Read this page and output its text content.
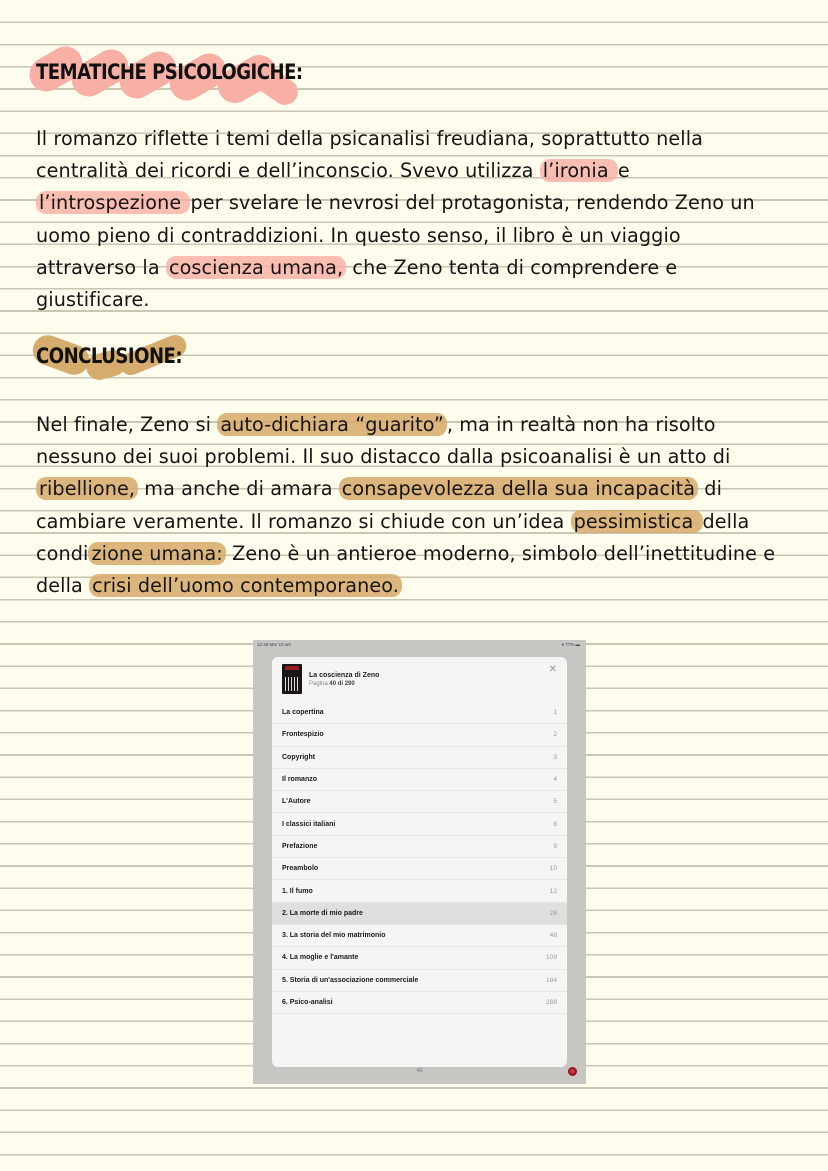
TEMATICHE PSICOLOGICHE:
Il romanzo riflette i temi della psicanalisi freudiana, soprattutto nella
centralità dei ricordi e dell’inconscio. Svevo utilizza l’ironia e
l’introspezione per svelare le nevrosi del protagonista, rendendo Zeno un
uomo pieno di contraddizioni. In questo senso, il libro è un viaggio
attraverso la coscienza umana, che Zeno tenta di comprendere e
giustificare.
CONCLUSIONE:
Nel finale, Zeno si auto-dichiara “guarito” , ma in realtà non ha risolto
nessuno dei suoi problemi. Il suo distacco dalla psicoanalisi è un atto di
ribellione, ma anche di amara consapevolezza della sua incapacità di
cambiare veramente. Il romanzo si chiude con un’idea pessimistica della
condi zione umana: Zeno è un antieroe moderno, simbolo dell’inettitudine e
della crisi dell’uomo contemporaneo.
12:49 Mar 10 set	▾ 77% ▬
La coscienza di Zeno
Pagina 40 di 290
✕
La copertina	1
Frontespizio	2
Copyright	3
Il romanzo	4
L'Autore	5
I classici italiani	8
Prefazione	9
Preambolo	10
1. Il fumo	12
2. La morte di mio padre	28
3. La storia del mio matrimonio	48
4. La moglie e l'amante	109
5. Storia di un'associazione commerciale	184
6. Psico-analisi	268
40
